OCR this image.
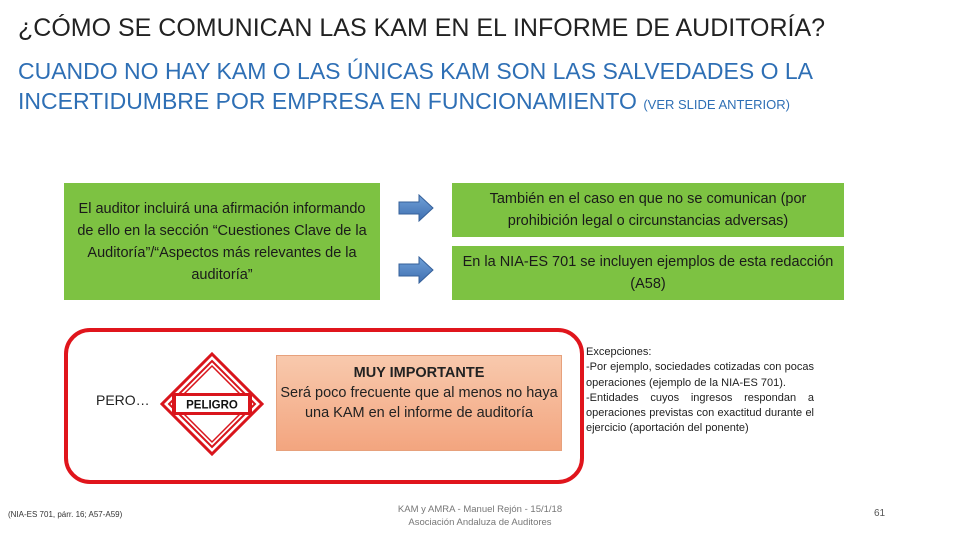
¿CÓMO SE COMUNICAN LAS KAM EN EL INFORME DE AUDITORÍA?
CUANDO NO HAY KAM O LAS ÚNICAS KAM SON LAS SALVEDADES O LA INCERTIDUMBRE POR EMPRESA EN FUNCIONAMIENTO (VER SLIDE ANTERIOR)
El auditor incluirá una afirmación informando de ello en la sección “Cuestiones Clave de la Auditoría”/“Aspectos más relevantes de la auditoría”
También en el caso en que no se comunican (por prohibición legal o circunstancias adversas)
En la NIA-ES 701 se incluyen ejemplos de esta redacción (A58)
PERO…	PELIGRO
MUY IMPORTANTE
Será poco frecuente que al menos no haya una KAM en el informe de auditoría
Excepciones:
-Por ejemplo, sociedades cotizadas con pocas operaciones (ejemplo de la NIA-ES 701).
-Entidades cuyos ingresos respondan a operaciones previstas con exactitud durante el ejercicio (aportación del ponente)
(NIA-ES 701, párr. 16; A57-A59)	KAM y AMRA - Manuel Rejón - 15/1/18
Asociación Andaluza de Auditores
61
